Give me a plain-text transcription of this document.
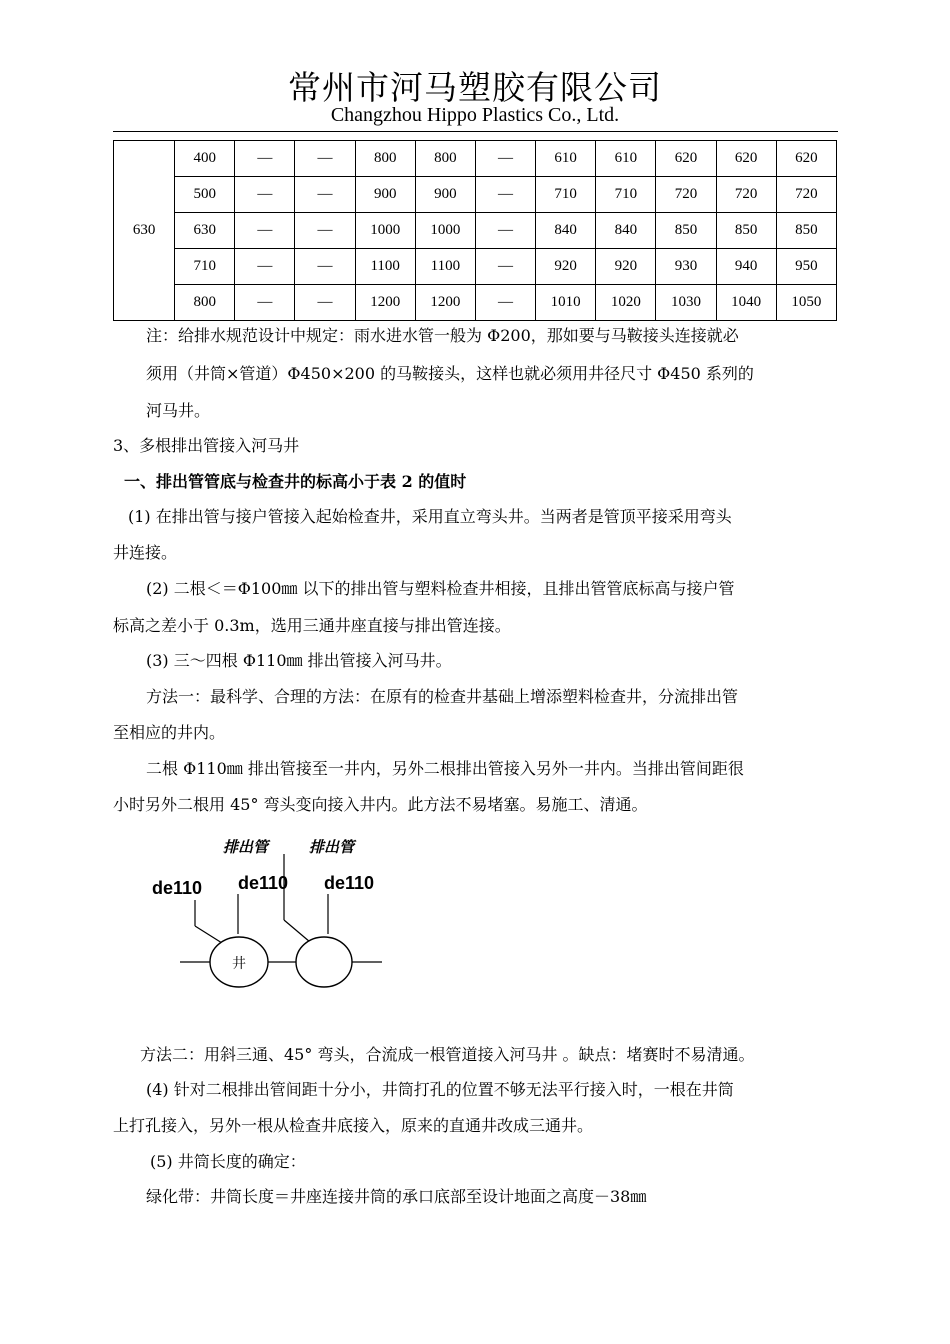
常州市河马塑胶有限公司
Changzhou Hippo Plastics Co., Ltd.
630	400	—	—	800	800	—	610	610	620	620	620
	500	—	—	900	900	—	710	710	720	720	720
	630	—	—	1000	1000	—	840	840	850	850	850
	710	—	—	1100	1100	—	920	920	930	940	950
	800	—	—	1200	1200	—	1010	1020	1030	1040	1050
注：给排水规范设计中规定：雨水进水管一般为 Φ200，那如要与马鞍接头连接就必
须用（井筒×管道）Φ450×200 的马鞍接头，这样也就必须用井径尺寸 Φ450 系列的
河马井。
3、多根排出管接入河马井
一、排出管管底与检查井的标高小于表 2 的值时
(1) 在排出管与接户管接入起始检查井，采用直立弯头井。当两者是管顶平接采用弯头
井连接。
(2) 二根＜＝Φ100㎜ 以下的排出管与塑料检查井相接，且排出管管底标高与接户管
标高之差小于 0.3m，选用三通井座直接与排出管连接。
(3) 三～四根 Φ110㎜ 排出管接入河马井。
方法一：最科学、合理的方法：在原有的检查井基础上增添塑料检查井，分流排出管
至相应的井内。
二根 Φ110㎜ 排出管接至一井内，另外二根排出管接入另外一井内。当排出管间距很
小时另外二根用 45° 弯头变向接入井内。此方法不易堵塞。易施工、清通。
排出管	排出管
de110 de110 de110
井
方法二：用斜三通、45° 弯头，合流成一根管道接入河马井 。缺点：堵赛时不易清通。
(4) 针对二根排出管间距十分小，井筒打孔的位置不够无法平行接入时，一根在井筒
上打孔接入，另外一根从检查井底接入，原来的直通井改成三通井。
(5) 井筒长度的确定：
绿化带：井筒长度＝井座连接井筒的承口底部至设计地面之高度－38㎜
